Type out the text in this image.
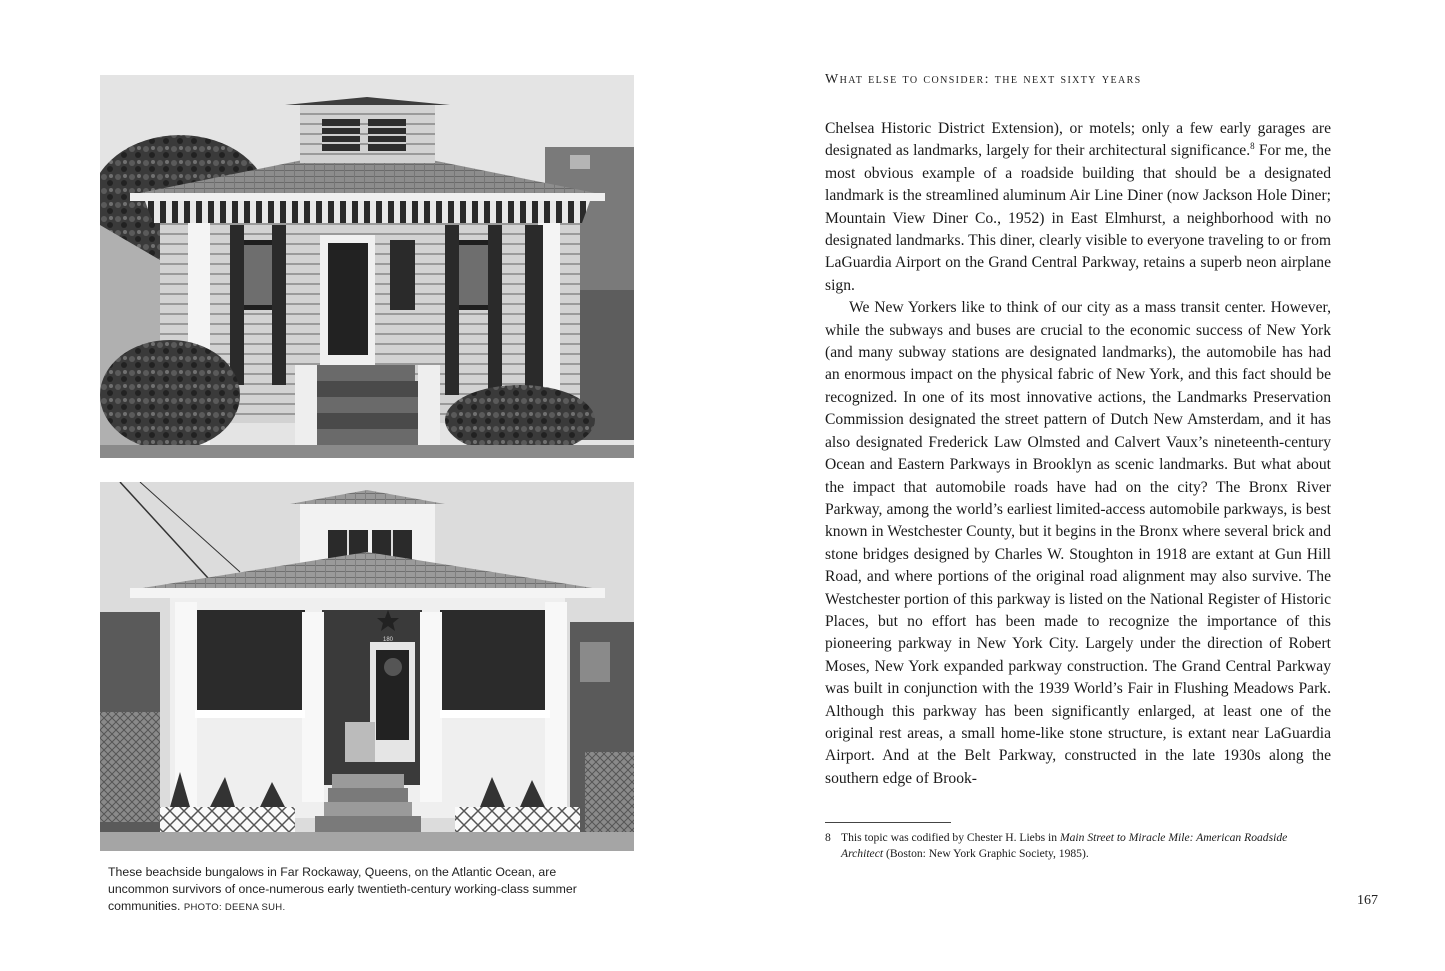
180
These beachside bungalows in Far Rockaway, Queens, on the Atlantic Ocean, are uncommon survivors of once-numerous early twentieth-century working-class summer communities. PHOTO: DEENA SUH.
What else to consider: the next sixty years

Chelsea Historic District Extension), or motels; only a few early garages are designated as landmarks, largely for their architectural significance.$^8$ For me, the most obvious example of a roadside building that should be a designated landmark is the streamlined aluminum Air Line Diner (now Jackson Hole Diner; Mountain View Diner Co., 1952) in East Elmhurst, a neighborhood with no designated landmarks. This diner, clearly visible to everyone traveling to or from LaGuardia Airport on the Grand Central Parkway, retains a superb neon airplane sign.

We New Yorkers like to think of our city as a mass transit center. However, while the subways and buses are crucial to the economic success of New York (and many subway stations are designated landmarks), the automobile has had an enormous impact on the physical fabric of New York, and this fact should be recognized. In one of its most innovative actions, the Landmarks Preservation Commission designated the street pattern of Dutch New Amsterdam, and it has also designated Frederick Law Olmsted and Calvert Vaux’s nineteenth-century Ocean and Eastern Parkways in Brooklyn as scenic landmarks. But what about the impact that automobile roads have had on the city? The Bronx River Parkway, among the world’s earliest limited-access automobile parkways, is best known in Westchester County, but it begins in the Bronx where several brick and stone bridges designed by Charles W. Stoughton in 1918 are extant at Gun Hill Road, and where portions of the original road alignment may also survive. The Westchester portion of this parkway is listed on the National Register of Historic Places, but no effort has been made to recognize the importance of this pioneering parkway in New York City. Largely under the direction of Robert Moses, New York expanded parkway construction. The Grand Central Parkway was built in conjunction with the 1939 World’s Fair in Flushing Meadows Park. Although this parkway has been significantly enlarged, at least one of the original rest areas, a small home-like stone structure, is extant near LaGuardia Airport. And at the Belt Parkway, constructed in the late 1930s along the southern edge of Brook-

8 This topic was codified by Chester H. Liebs in Main Street to Miracle Mile: American Roadside Architect (Boston: New York Graphic Society, 1985).
167
